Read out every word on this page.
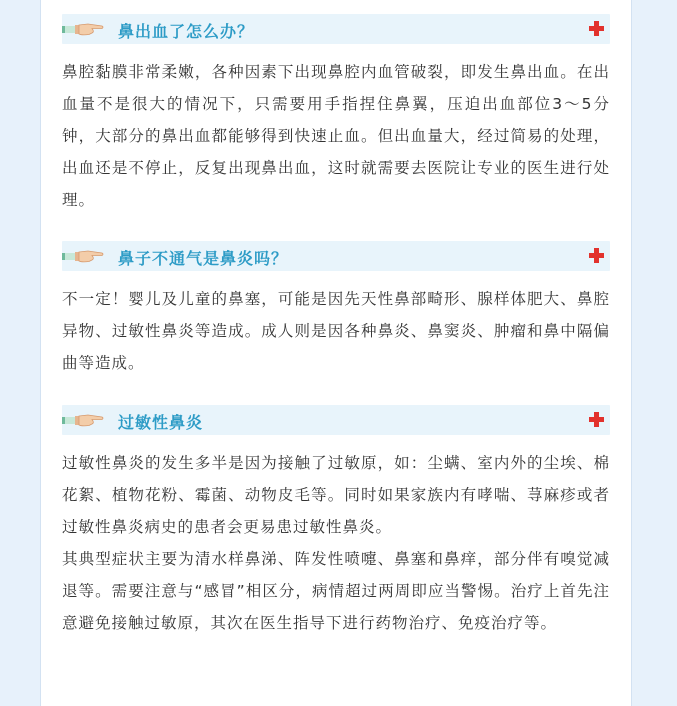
鼻出血了怎么办？

鼻腔黏膜非常柔嫩，各种因素下出现鼻腔内血管破裂，即发生鼻出血。在出血量不是很大的情况下，只需要用手指捏住鼻翼，压迫出血部位3～5分钟，大部分的鼻出血都能够得到快速止血。但出血量大，经过简易的处理，出血还是不停止，反复出现鼻出血，这时就需要去医院让专业的医生进行处理。

鼻子不通气是鼻炎吗？

不一定！婴儿及儿童的鼻塞，可能是因先天性鼻部畸形、腺样体肥大、鼻腔异物、过敏性鼻炎等造成。成人则是因各种鼻炎、鼻窦炎、肿瘤和鼻中隔偏曲等造成。

过敏性鼻炎

过敏性鼻炎的发生多半是因为接触了过敏原，如：尘螨、室内外的尘埃、棉花絮、植物花粉、霉菌、动物皮毛等。同时如果家族内有哮喘、荨麻疹或者过敏性鼻炎病史的患者会更易患过敏性鼻炎。

其典型症状主要为清水样鼻涕、阵发性喷嚏、鼻塞和鼻痒，部分伴有嗅觉减退等。需要注意与“感冒”相区分，病情超过两周即应当警惕。治疗上首先注意避免接触过敏原，其次在医生指导下进行药物治疗、免疫治疗等。
